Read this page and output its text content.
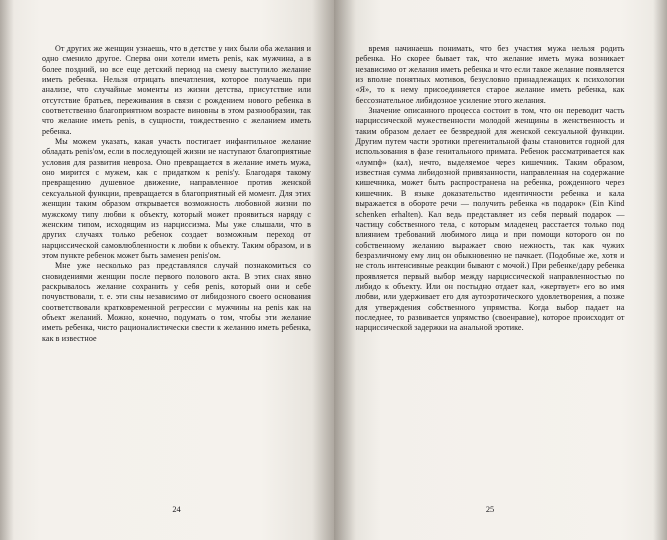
От других же женщин узнаешь, что в детстве у них были оба желания и одно сменило другое. Сперва они хотели иметь penis, как мужчина, а в более поздний, но все еще детский период на смену выступило желание иметь ребенка. Нельзя отрицать впечатления, которое получаешь при анализе, что случайные моменты из жизни детства, присутствие или отсутствие братьев, переживания в связи с рождением нового ребенка в соответственно благоприятном возрасте виновны в этом разнообразии, так что желание иметь penis, в сущности, тождественно с желанием иметь ребенка.

Мы можем указать, какая участь постигает инфантильное желание обладать penis'ом, если в последующей жизни не наступают благоприятные условия для развития невроза. Оно превращается в желание иметь мужа, оно мирится с мужем, как с придатком к penis'у. Благодаря такому превращению душевное движение, направленное против женской сексуальной функции, превращается в благоприятный ей момент. Для этих женщин таким образом открывается возможность любовной жизни по мужскому типу любви к объекту, который может проявиться наряду с женским типом, исходящим из нарциссизма. Мы уже слышали, что в других случаях только ребенок создает возможным переход от нарциссической самовлюбленности к любви к объекту. Таким образом, и в этом пункте ребенок может быть заменен penis'ом.

Мне уже несколько раз представлялся случай познакомиться со сновидениями женщин после первого полового акта. В этих снах явно раскрывалось желание сохранить у себя penis, который они и себе почувствовали, т. е. эти сны независимо от либидозного своего основания соответствовали кратковременной регрессии с мужчины на penis как на объект желаний. Можно, конечно, подумать о том, чтобы эти желание иметь ребенка, чисто рационалистически свести к желанию иметь ребенка, как в известное

24

время начинаешь понимать, что без участия мужа нельзя родить ребенка. Но скорее бывает так, что желание иметь мужа возникает независимо от желания иметь ребенка и что если такое желание появляется из вполне понятных мотивов, безусловно принадлежащих к психологии «Я», то к нему присоединяется старое желание иметь ребенка, как бессознательное либидозное усиление этого желания.

Значение описанного процесса состоит в том, что он переводит часть нарциссической мужественности молодой женщины в женственность и таким образом делает ее безвредной для женской сексуальной функции. Другим путем части эротики прегенитальной фазы становится годной для использования в фазе генитального примата. Ребенок рассматривается как «лумпф» (кал), нечто, выделяемое через кишечник. Таким образом, известная сумма либидозной привязанности, направленная на содержание кишечника, может быть распространена на ребенка, рожденного через кишечник. В языке доказательство идентичности ребенка и кала выражается в обороте речи — получить ребенка «в подарок» (Ein Kind schenken erhalten). Кал ведь представляет из себя первый подарок — частицу собственного тела, с которым младенец расстается только под влиянием требований любимого лица и при помощи которого он по собственному желанию выражает свою нежность, так как чужих безразличному ему лиц он обыкновенно не пачкает. (Подобные же, хотя и не столь интенсивные реакции бывают с мочой.) При ребенке/дару ребенка проявляется первый выбор между нарциссической направленностью по либидо к объекту. Или он постыдно отдает кал, «жертвует» его во имя любви, или удерживает его для аутоэротического удовлетворения, а позже для утверждения собственного упрямства. Когда выбор падает на последнее, то развивается упрямство (своенравие), которое происходит от нарциссической задержки на анальной эротике.

25
